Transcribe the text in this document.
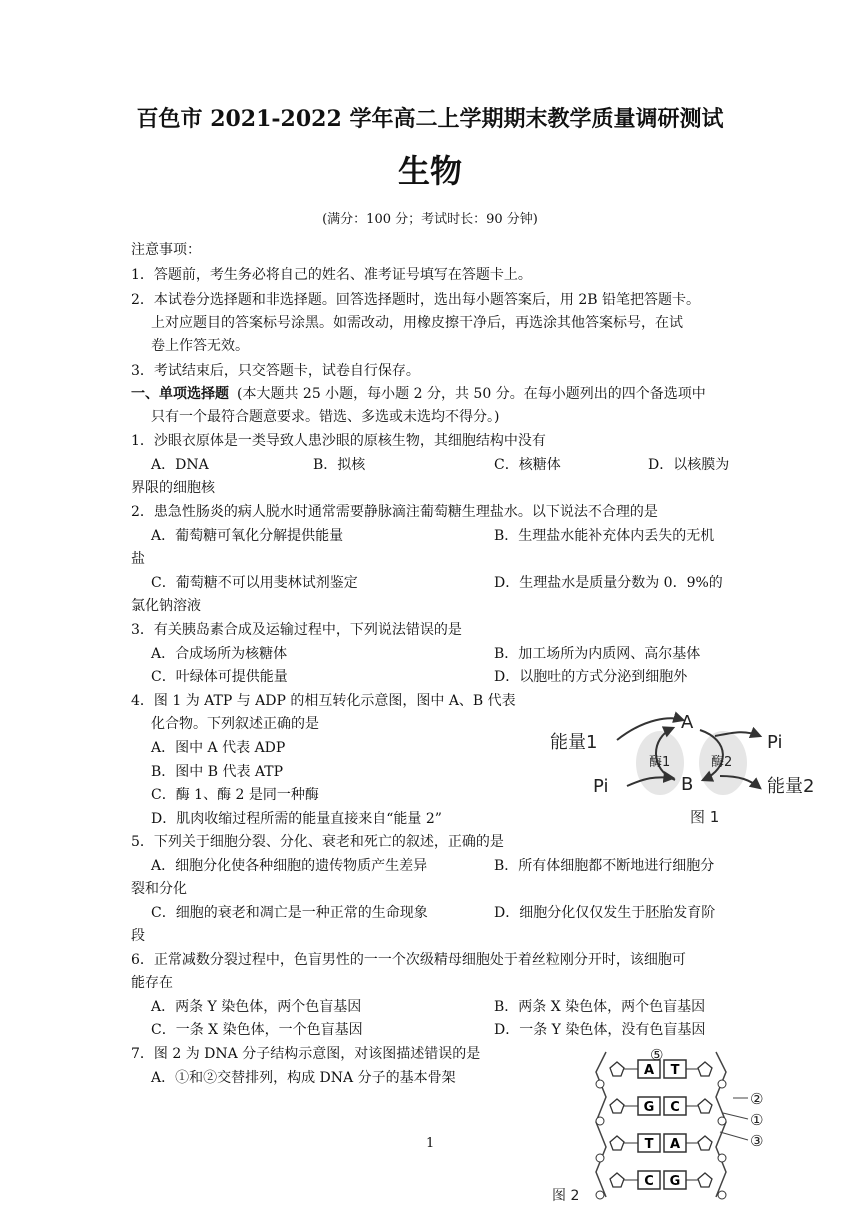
百色市 2021-2022 学年高二上学期期末教学质量调研测试
生物
(满分：100 分；考试时长：90 分钟)
注意事项：
1．答题前，考生务必将自己的姓名、准考证号填写在答题卡上。
2．本试卷分选择题和非选择题。回答选择题时，选出每小题答案后，用 2B 铅笔把答题卡。
上对应题目的答案标号涂黑。如需改动，用橡皮擦干净后，再选涂其他答案标号，在试
卷上作答无效。
3．考试结束后，只交答题卡，试卷自行保存。
一、单项选择题 (本大题共 25 小题，每小题 2 分，共 50 分。在每小题列出的四个备选项中
只有一个最符合题意要求。错选、多选或未选均不得分。)
1．沙眼衣原体是一类导致人患沙眼的原核生物，其细胞结构中没有
A．DNA	B．拟核	C．核糖体	D．以核膜为
界限的细胞核
2．患急性肠炎的病人脱水时通常需要静脉滴注葡萄糖生理盐水。以下说法不合理的是
A．葡萄糖可氧化分解提供能量	B．生理盐水能补充体内丢失的无机
盐
C．葡萄糖不可以用斐林试剂鉴定	D．生理盐水是质量分数为 0．9%的
氯化钠溶液
3．有关胰岛素合成及运输过程中，下列说法错误的是
A．合成场所为核糖体	B．加工场所为内质网、高尔基体
C．叶绿体可提供能量	D．以胞吐的方式分泌到细胞外
4．图 1 为 ATP 与 ADP 的相互转化示意图，图中 A、B 代表
化合物。下列叙述正确的是
A．图中 A 代表 ADP
B．图中 B 代表 ATP
C．酶 1、酶 2 是同一种酶
D．肌肉收缩过程所需的能量直接来自“能量 2”
能量1
A
B
酶1	酶2
Pi
Pi	能量2
图 1
5．下列关于细胞分裂、分化、衰老和死亡的叙述，正确的是
A．细胞分化使各种细胞的遗传物质产生差异	B．所有体细胞都不断地进行细胞分
裂和分化
C．细胞的衰老和凋亡是一种正常的生命现象	D．细胞分化仅仅发生于胚胎发育阶
段
6．正常减数分裂过程中，色盲男性的一一个次级精母细胞处于着丝粒刚分开时，该细胞可
能存在
A．两条 Y 染色体，两个色盲基因	B．两条 X 染色体，两个色盲基因
C．一条 X 染色体，一个色盲基因	D．一条 Y 染色体，没有色盲基因
7．图 2 为 DNA 分子结构示意图，对该图描述错误的是
A．①和②交替排列，构成 DNA 分子的基本骨架	A T
G C
T A
C G
⑤
②
①
③
图 2
1
